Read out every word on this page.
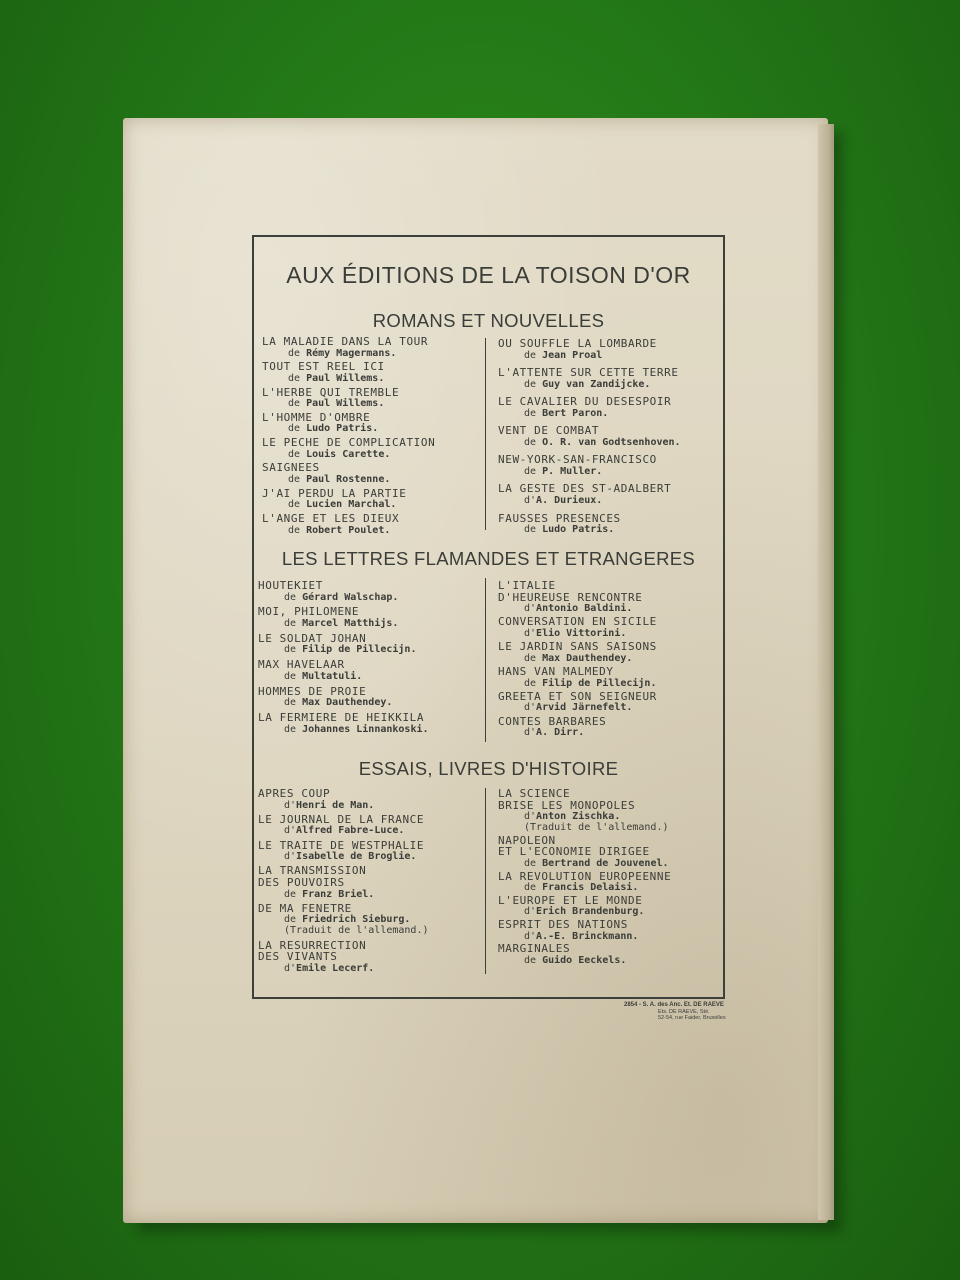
AUX ÉDITIONS DE LA TOISON D'OR
ROMANS ET NOUVELLES
LA MALADIE DANS LA TOUR
de Rémy Magermans.
TOUT EST REEL ICI
de Paul Willems.
L'HERBE QUI TREMBLE
de Paul Willems.
L'HOMME D'OMBRE
de Ludo Patris.
LE PECHE DE COMPLICATION
de Louis Carette.
SAIGNEES
de Paul Rostenne.
J'AI PERDU LA PARTIE
de Lucien Marchal.
L'ANGE ET LES DIEUX
de Robert Poulet.
OU SOUFFLE LA LOMBARDE
de Jean Proal
L'ATTENTE SUR CETTE TERRE
de Guy van Zandijcke.
LE CAVALIER DU DESESPOIR
de Bert Paron.
VENT DE COMBAT
de O. R. van Godtsenhoven.
NEW-YORK-SAN-FRANCISCO
de P. Muller.
LA GESTE DES ST-ADALBERT
d'A. Durieux.
FAUSSES PRESENCES
de Ludo Patris.
LES LETTRES FLAMANDES ET ETRANGERES
HOUTEKIET
de Gérard Walschap.
MOI, PHILOMENE
de Marcel Matthijs.
LE SOLDAT JOHAN
de Filip de Pillecijn.
MAX HAVELAAR
de Multatuli.
HOMMES DE PROIE
de Max Dauthendey.
LA FERMIERE DE HEIKKILA
de Johannes Linnankoski.
L'ITALIE
D'HEUREUSE RENCONTRE
d'Antonio Baldini.
CONVERSATION EN SICILE
d'Elio Vittorini.
LE JARDIN SANS SAISONS
de Max Dauthendey.
HANS VAN MALMEDY
de Filip de Pillecijn.
GREETA ET SON SEIGNEUR
d'Arvid Järnefelt.
CONTES BARBARES
d'A. Dirr.
ESSAIS, LIVRES D'HISTOIRE
APRES COUP
d'Henri de Man.
LE JOURNAL DE LA FRANCE
d'Alfred Fabre-Luce.
LE TRAITE DE WESTPHALIE
d'Isabelle de Broglie.
LA TRANSMISSION
DES POUVOIRS
de Franz Briel.
DE MA FENETRE
de Friedrich Sieburg.
(Traduit de l'allemand.)
LA RESURRECTION
DES VIVANTS
d'Emile Lecerf.
LA SCIENCE
BRISE LES MONOPOLES
d'Anton Zischka.
(Traduit de l'allemand.)
NAPOLEON
ET L'ECONOMIE DIRIGEE
de Bertrand de Jouvenel.
LA REVOLUTION EUROPEENNE
de Francis Delaisi.
L'EUROPE ET LE MONDE
d'Erich Brandenburg.
ESPRIT DES NATIONS
d'A.-E. Brinckmann.
MARGINALES
de Guido Eeckels.
2854 - S. A. des Anc. Et. DE RAEVE
Ets. DE RAEVE, Sté.
52-54, rue Faider, Bruxelles
